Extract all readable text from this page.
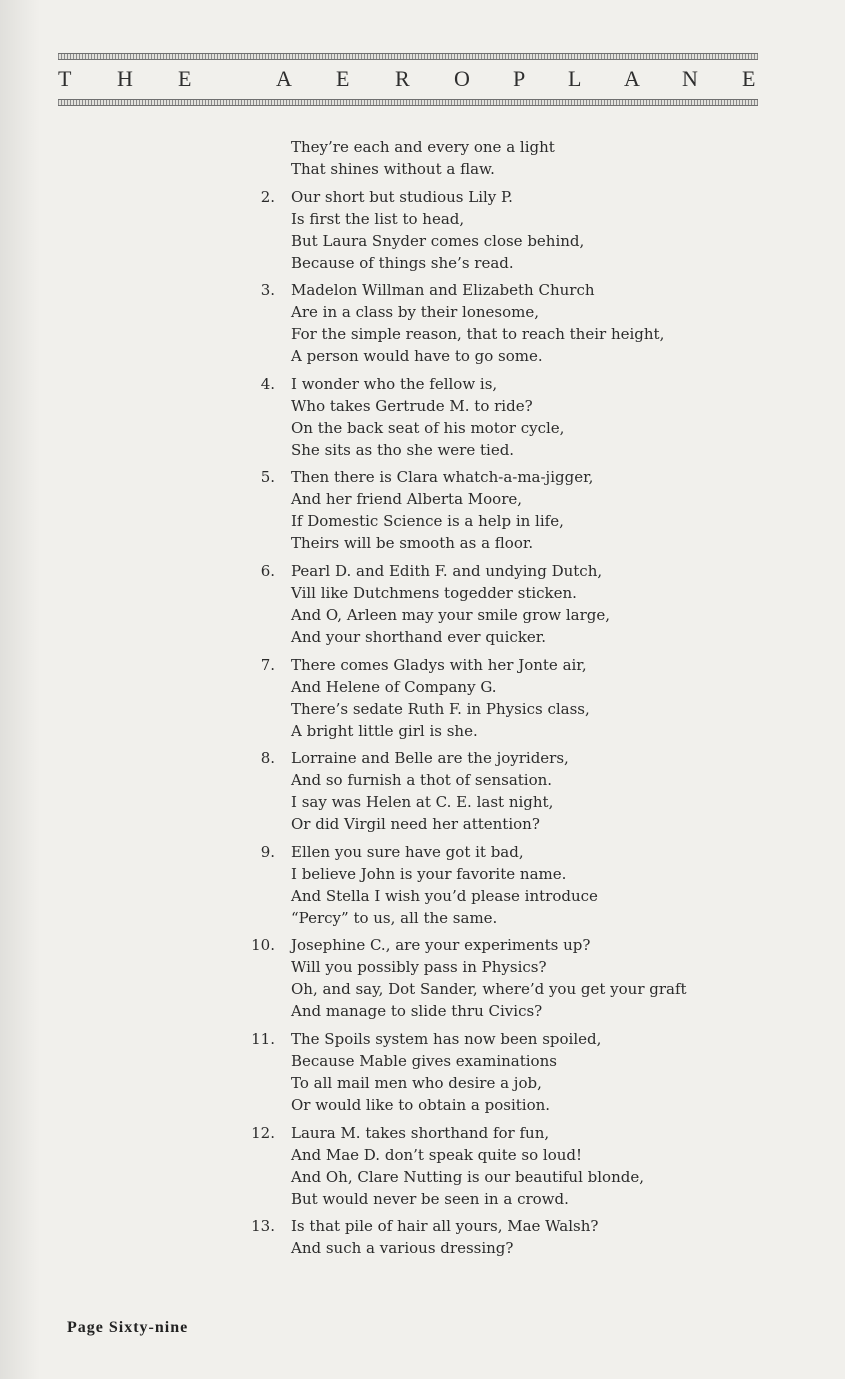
T H E	A E R O P L A N E
They’re each and every one a light
That shines without a flaw.
2. Our short but studious Lily P.
Is first the list to head,
But Laura Snyder comes close behind,
Because of things she’s read.
3. Madelon Willman and Elizabeth Church
Are in a class by their lonesome,
For the simple reason, that to reach their height,
A person would have to go some.
4. I wonder who the fellow is,
Who takes Gertrude M. to ride?
On the back seat of his motor cycle,
She sits as tho she were tied.
5. Then there is Clara whatch-a-ma-jigger,
And her friend Alberta Moore,
If Domestic Science is a help in life,
Theirs will be smooth as a floor.
6. Pearl D. and Edith F. and undying Dutch,
Vill like Dutchmens togedder sticken.
And O, Arleen may your smile grow large,
And your shorthand ever quicker.
7. There comes Gladys with her Jonte air,
And Helene of Company G.
There’s sedate Ruth F. in Physics class,
A bright little girl is she.
8. Lorraine and Belle are the joyriders,
And so furnish a thot of sensation.
I say was Helen at C. E. last night,
Or did Virgil need her attention?
9. Ellen you sure have got it bad,
I believe John is your favorite name.
And Stella I wish you’d please introduce
“Percy” to us, all the same.
10. Josephine C., are your experiments up?
Will you possibly pass in Physics?
Oh, and say, Dot Sander, where’d you get your graft
And manage to slide thru Civics?
11. The Spoils system has now been spoiled,
Because Mable gives examinations
To all mail men who desire a job,
Or would like to obtain a position.
12. Laura M. takes shorthand for fun,
And Mae D. don’t speak quite so loud!
And Oh, Clare Nutting is our beautiful blonde,
But would never be seen in a crowd.
13. Is that pile of hair all yours, Mae Walsh?
And such a various dressing?
Page Sixty-nine
